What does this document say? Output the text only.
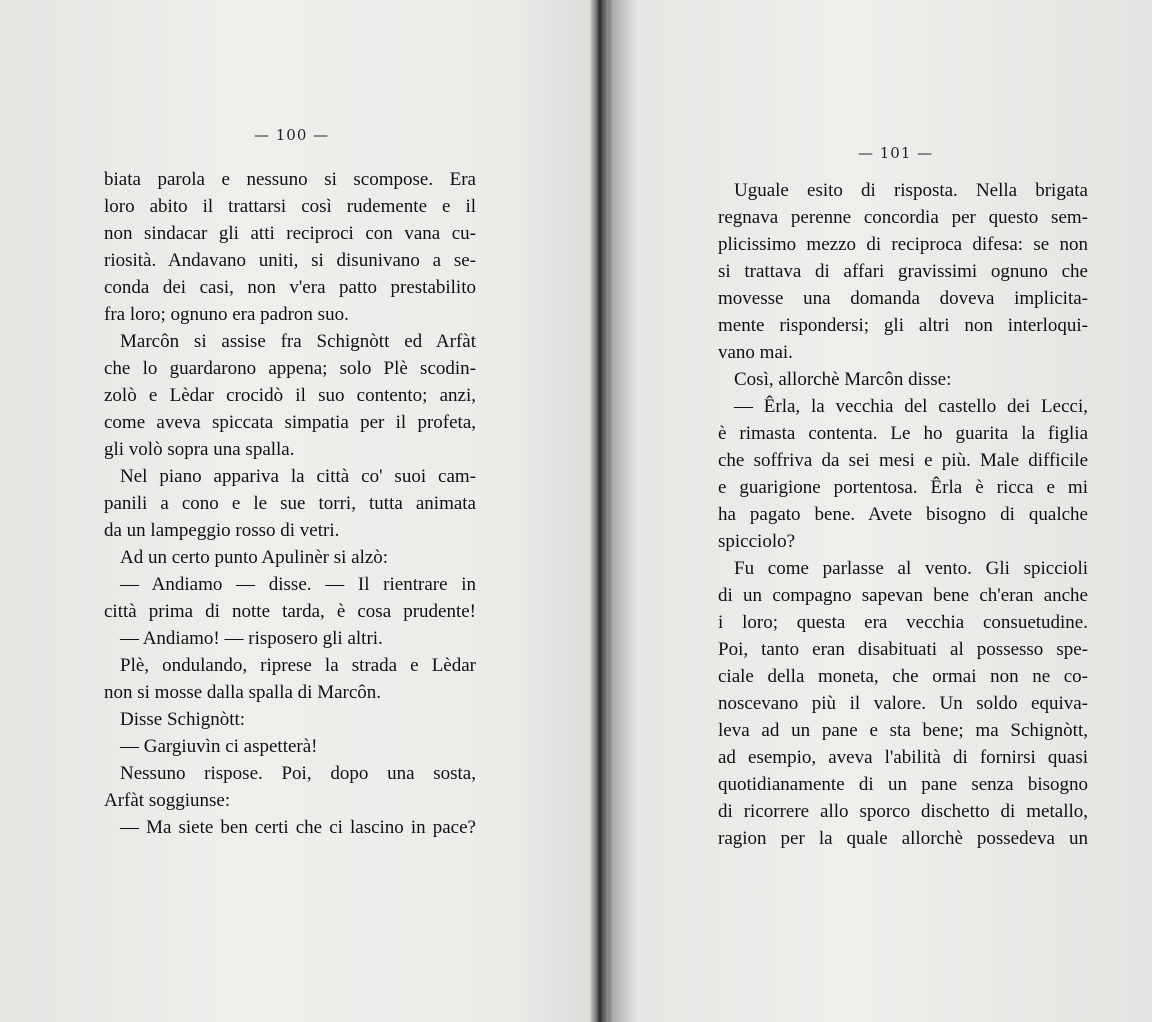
— 100 —
— 101 —
biata parola e nessuno si scompose. Era
loro abito il trattarsi così rudemente e il
non sindacar gli atti reciproci con vana cu-
riosità. Andavano uniti, si disunivano a se-
conda dei casi, non v'era patto prestabilito
fra loro; ognuno era padron suo.
Marcôn si assise fra Schignòtt ed Arfàt
che lo guardarono appena; solo Plè scodin-
zolò e Lèdar crocidò il suo contento; anzi,
come aveva spiccata simpatia per il profeta,
gli volò sopra una spalla.
Nel piano appariva la città co' suoi cam-
panili a cono e le sue torri, tutta animata
da un lampeggio rosso di vetri.
Ad un certo punto Apulinèr si alzò:
— Andiamo — disse. — Il rientrare in
città prima di notte tarda, è cosa prudente!
— Andiamo! — risposero gli altri.
Plè, ondulando, riprese la strada e Lèdar
non si mosse dalla spalla di Marcôn.
Disse Schignòtt:
— Gargiuvìn ci aspetterà!
Nessuno rispose. Poi, dopo una sosta,
Arfàt soggiunse:
— Ma siete ben certi che ci lascino in pace?
Uguale esito di risposta. Nella brigata
regnava perenne concordia per questo sem-
plicissimo mezzo di reciproca difesa: se non
si trattava di affari gravissimi ognuno che
movesse una domanda doveva implicita-
mente rispondersi; gli altri non interloqui-
vano mai.
Così, allorchè Marcôn disse:
— Êrla, la vecchia del castello dei Lecci,
è rimasta contenta. Le ho guarita la figlia
che soffriva da sei mesi e più. Male difficile
e guarigione portentosa. Êrla è ricca e mi
ha pagato bene. Avete bisogno di qualche
spicciolo?
Fu come parlasse al vento. Gli spiccioli
di un compagno sapevan bene ch'eran anche
i loro; questa era vecchia consuetudine.
Poi, tanto eran disabituati al possesso spe-
ciale della moneta, che ormai non ne co-
noscevano più il valore. Un soldo equiva-
leva ad un pane e sta bene; ma Schignòtt,
ad esempio, aveva l'abilità di fornirsi quasi
quotidianamente di un pane senza bisogno
di ricorrere allo sporco dischetto di metallo,
ragion per la quale allorchè possedeva un
